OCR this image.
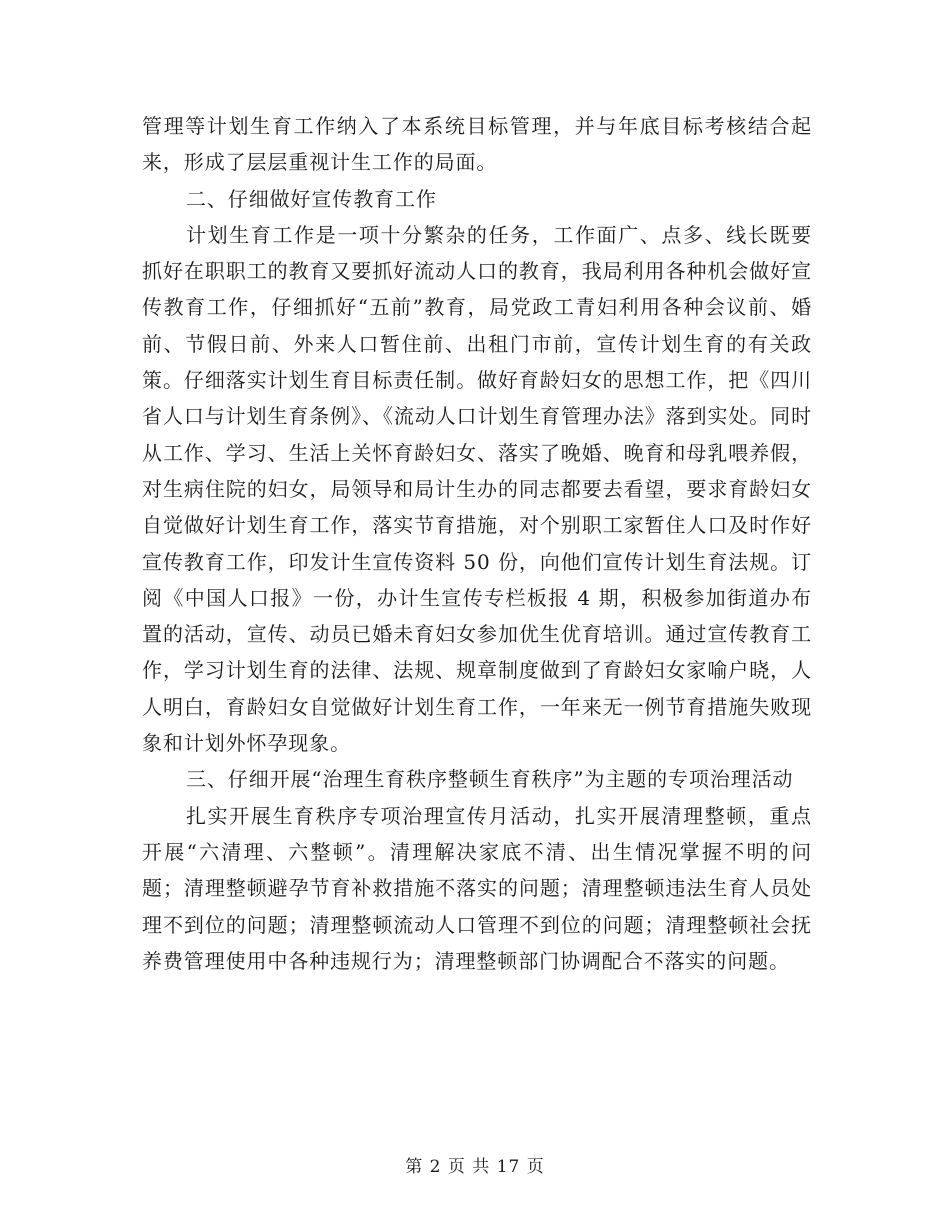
管理等计划生育工作纳入了本系统目标管理，并与年底目标考核结合起来，形成了层层重视计生工作的局面。

二、仔细做好宣传教育工作

计划生育工作是一项十分繁杂的任务，工作面广、点多、线长既要抓好在职职工的教育又要抓好流动人口的教育，我局利用各种机会做好宣传教育工作，仔细抓好“五前”教育，局党政工青妇利用各种会议前、婚前、节假日前、外来人口暂住前、出租门市前，宣传计划生育的有关政策。仔细落实计划生育目标责任制。做好育龄妇女的思想工作，把《四川省人口与计划生育条例》、《流动人口计划生育管理办法》落到实处。同时从工作、学习、生活上关怀育龄妇女、落实了晚婚、晚育和母乳喂养假，对生病住院的妇女，局领导和局计生办的同志都要去看望，要求育龄妇女自觉做好计划生育工作，落实节育措施，对个别职工家暂住人口及时作好宣传教育工作，印发计生宣传资料 50 份，向他们宣传计划生育法规。订阅《中国人口报》一份，办计生宣传专栏板报 4 期，积极参加街道办布置的活动，宣传、动员已婚未育妇女参加优生优育培训。通过宣传教育工作，学习计划生育的法律、法规、规章制度做到了育龄妇女家喻户晓，人人明白，育龄妇女自觉做好计划生育工作，一年来无一例节育措施失败现象和计划外怀孕现象。

三、仔细开展“治理生育秩序整顿生育秩序”为主题的专项治理活动

扎实开展生育秩序专项治理宣传月活动，扎实开展清理整顿，重点开展“六清理、六整顿”。清理解决家底不清、出生情况掌握不明的问题；清理整顿避孕节育补救措施不落实的问题；清理整顿违法生育人员处理不到位的问题；清理整顿流动人口管理不到位的问题；清理整顿社会抚养费管理使用中各种违规行为；清理整顿部门协调配合不落实的问题。

第 2 页 共 17 页
